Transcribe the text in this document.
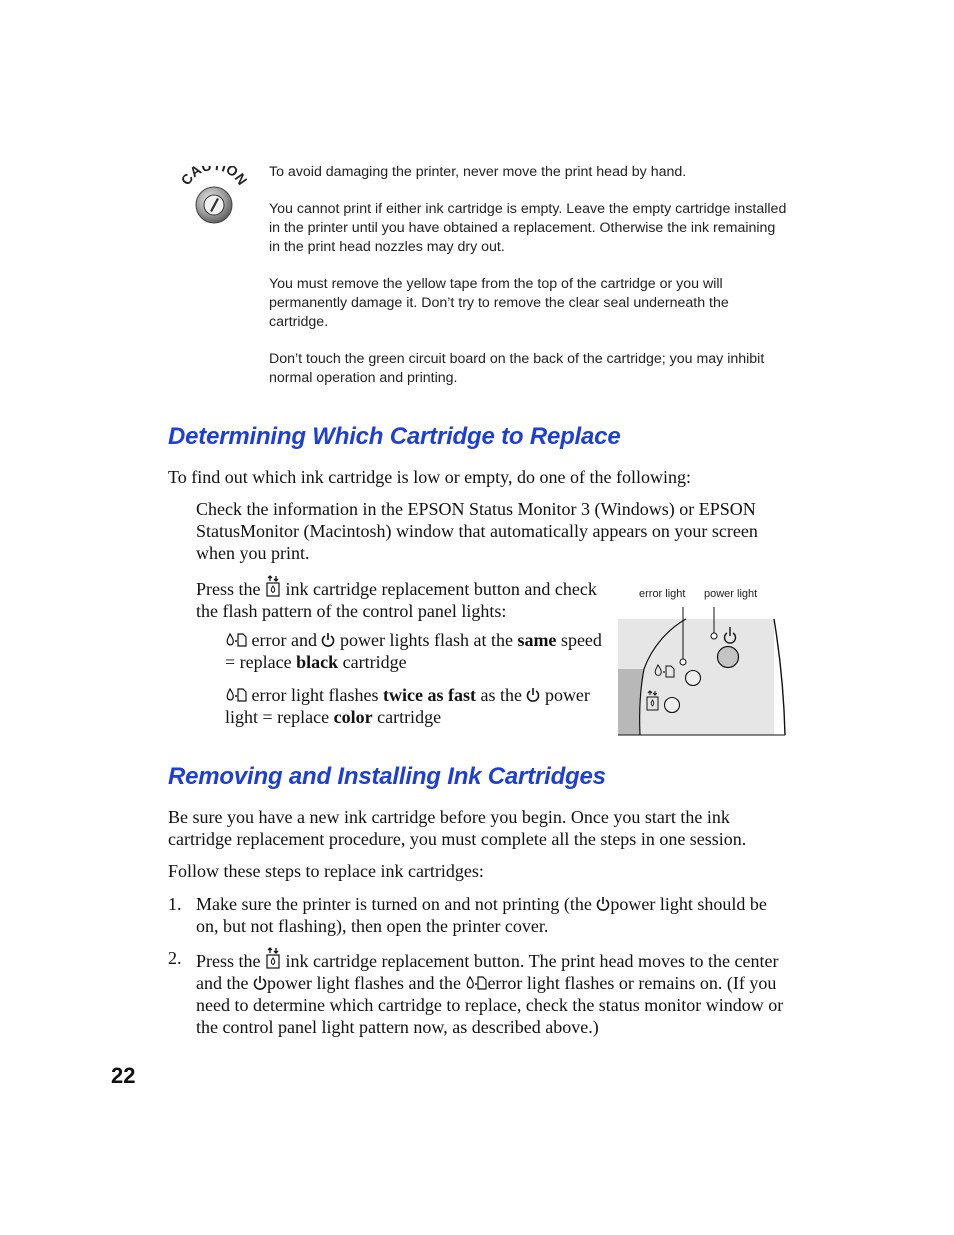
A ION To avoid damaging the printer, never move the print head by hand.

You cannot print if either ink cartridge is empty. Leave the empty cartridge installed in the printer until you have obtained a replacement. Otherwise the ink remaining in the print head nozzles may dry out.

You must remove the yellow tape from the top of the cartridge or you will permanently damage it. Don’t try to remove the clear seal underneath the cartridge.

Don’t touch the green circuit board on the back of the cartridge; you may inhibit normal operation and printing.

Determining Which Cartridge to Replace

To find out which ink cartridge is low or empty, do one of the following:

Check the information in the EPSON Status Monitor 3 (Windows) or EPSON StatusMonitor (Macintosh) window that automatically appears on your screen when you print.

Press the ink cartridge replacement button and check the flash pattern of the control panel lights:

error and power lights flash at the same speed = replace black cartridge

error light flashes twice as fast as the power light = replace color cartridge

error light power light
Removing and Installing Ink Cartridges

Be sure you have a new ink cartridge before you begin. Once you start the ink cartridge replacement procedure, you must complete all the steps in one session.

Follow these steps to replace ink cartridges:

1. Make sure the printer is turned on and not printing (the power light should be on, but not flashing), then open the printer cover.

2. Press the ink cartridge replacement button. The print head moves to the center and the power light flashes and the error light flashes or remains on. (If you need to determine which cartridge to replace, check the status monitor window or the control panel light pattern now, as described above.)

22
